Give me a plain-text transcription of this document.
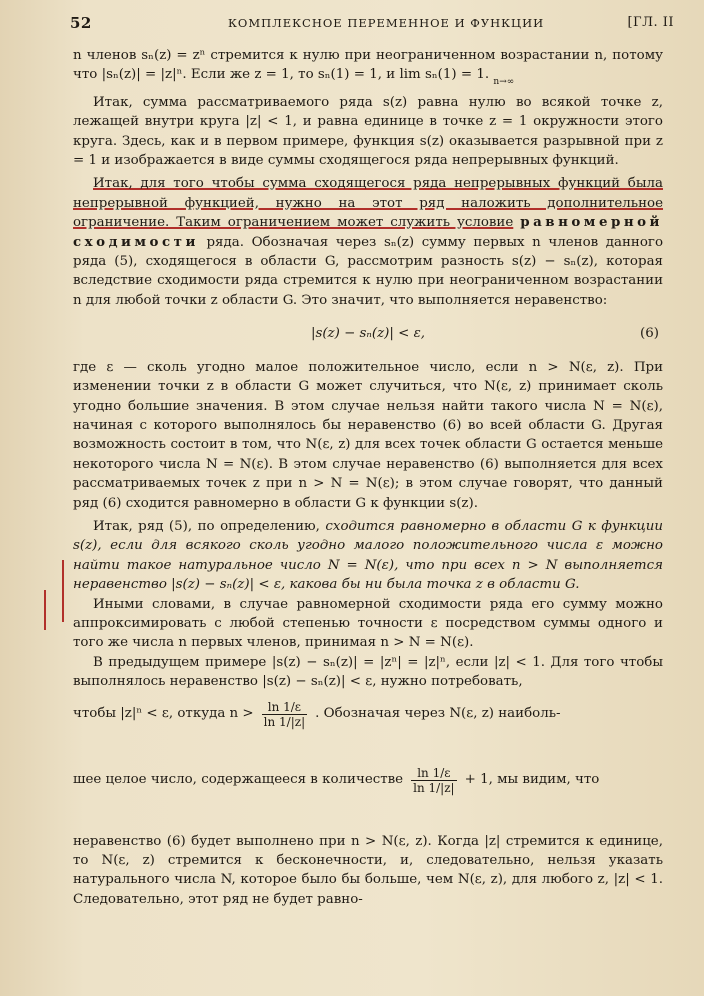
52	КОМПЛЕКСНОЕ ПЕРЕМЕННОЕ И ФУНКЦИИ	[ГЛ. II

n членов sₙ(z) = zⁿ стремится к нулю при неограниченном возрастании n, потому что |sₙ(z)| = |z|ⁿ. Если же z = 1, то sₙ(1) = 1, и lim sₙ(1) = 1. $_{n\to\infty}$

Итак, сумма рассматриваемого ряда s(z) равна нулю во всякой точке z, лежащей внутри круга |z| < 1, и равна единице в точке z = 1 окружности этого круга. Здесь, как и в первом примере, функция s(z) оказывается разрывной при z = 1 и изображается в виде суммы сходящегося ряда непрерывных функций.

Итак, для того чтобы сумма сходящегося ряда непрерывных функций была непрерывной функцией, нужно на этот ряд наложить дополнительное ограничение. Таким ограничением может служить условие равномерной сходимости ряда. Обозначая через sₙ(z) сумму первых n членов данного ряда (5), сходящегося в области G, рассмотрим разность s(z) − sₙ(z), которая вследствие сходимости ряда стремится к нулю при неограниченном возрастании n для любой точки z области G. Это значит, что выполняется неравенство:

|s(z) − sₙ(z)| < ε,	(6)

где ε — сколь угодно малое положительное число, если n > N(ε, z). При изменении точки z в области G может случиться, что N(ε, z) принимает сколь угодно большие значения. В этом случае нельзя найти такого числа N = N(ε), начиная с которого выполнялось бы неравенство (6) во всей области G. Другая возможность состоит в том, что N(ε, z) для всех точек области G остается меньше некоторого числа N = N(ε). В этом случае неравенство (6) выполняется для всех рассматриваемых точек z при n > N = N(ε); в этом случае говорят, что данный ряд (6) сходится равномерно в области G к функции s(z).

Итак, ряд (5), по определению, сходится равномерно в области G к функции s(z), если для всякого сколь угодно малого положительного числа ε можно найти такое натуральное число N = N(ε), что при всех n > N выполняется неравенство |s(z) − sₙ(z)| < ε, какова бы ни была точка z в области G.

Иными словами, в случае равномерной сходимости ряда его сумму можно аппроксимировать с любой степенью точности ε посредством суммы одного и того же числа n первых членов, принимая n > N = N(ε).

В предыдущем примере |s(z) − sₙ(z)| = |zⁿ| = |z|ⁿ, если |z| < 1. Для того чтобы выполнялось неравенство |s(z) − sₙ(z)| < ε, нужно потребовать,

чтобы |z|ⁿ < ε, откуда $n > \frac{\ln 1/\varepsilon}{\ln 1/|z|}$ . Обозначая через N(ε, z) наиболь-
шее целое число, содержащееся в количестве $\frac{\ln 1/\varepsilon}{\ln 1/|z|} + 1$, мы видим, что

неравенство (6) будет выполнено при n > N(ε, z). Когда |z| стремится к единице, то N(ε, z) стремится к бесконечности, и, следовательно, нельзя указать натурального числа N, которое было бы больше, чем N(ε, z), для любого z, |z| < 1. Следовательно, этот ряд не будет равно-
